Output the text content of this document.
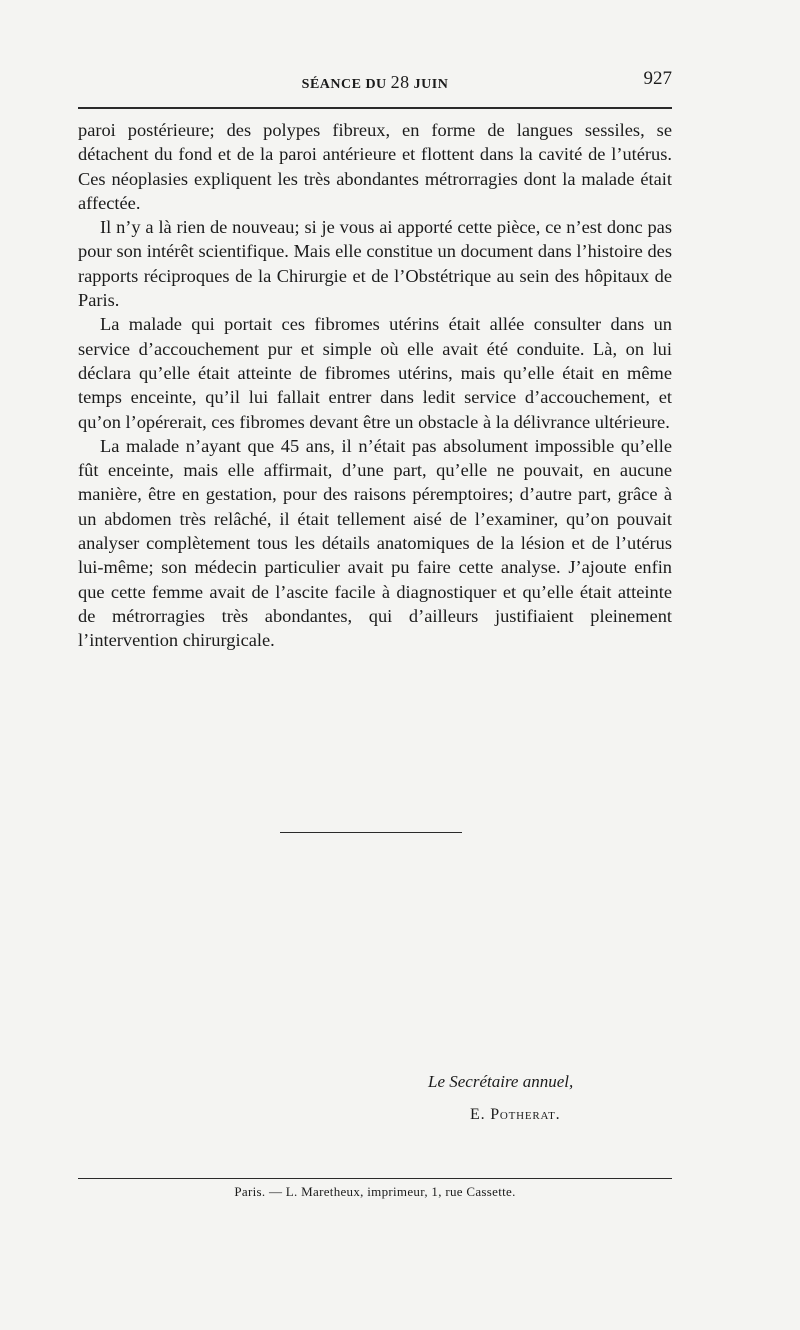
SÉANCE DU 28 JUIN	927

paroi postérieure; des polypes fibreux, en forme de langues sessiles, se détachent du fond et de la paroi antérieure et flottent dans la cavité de l’utérus. Ces néoplasies expliquent les très abondantes métrorragies dont la malade était affectée.

Il n’y a là rien de nouveau; si je vous ai apporté cette pièce, ce n’est donc pas pour son intérêt scientifique. Mais elle constitue un document dans l’histoire des rapports réciproques de la Chirurgie et de l’Obstétrique au sein des hôpitaux de Paris.

La malade qui portait ces fibromes utérins était allée consulter dans un service d’accouchement pur et simple où elle avait été conduite. Là, on lui déclara qu’elle était atteinte de fibromes utérins, mais qu’elle était en même temps enceinte, qu’il lui fallait entrer dans ledit service d’accouchement, et qu’on l’opérerait, ces fibromes devant être un obstacle à la délivrance ultérieure.

La malade n’ayant que 45 ans, il n’était pas absolument impossible qu’elle fût enceinte, mais elle affirmait, d’une part, qu’elle ne pouvait, en aucune manière, être en gestation, pour des raisons péremptoires; d’autre part, grâce à un abdomen très relâché, il était tellement aisé de l’examiner, qu’on pouvait analyser complètement tous les détails anatomiques de la lésion et de l’utérus lui-même; son médecin particulier avait pu faire cette analyse. J’ajoute enfin que cette femme avait de l’ascite facile à diagnostiquer et qu’elle était atteinte de métrorragies très abondantes, qui d’ailleurs justifiaient pleinement l’intervention chirurgicale.

Le Secrétaire annuel,
E. Potherat.
Paris. — L. Maretheux, imprimeur, 1, rue Cassette.
